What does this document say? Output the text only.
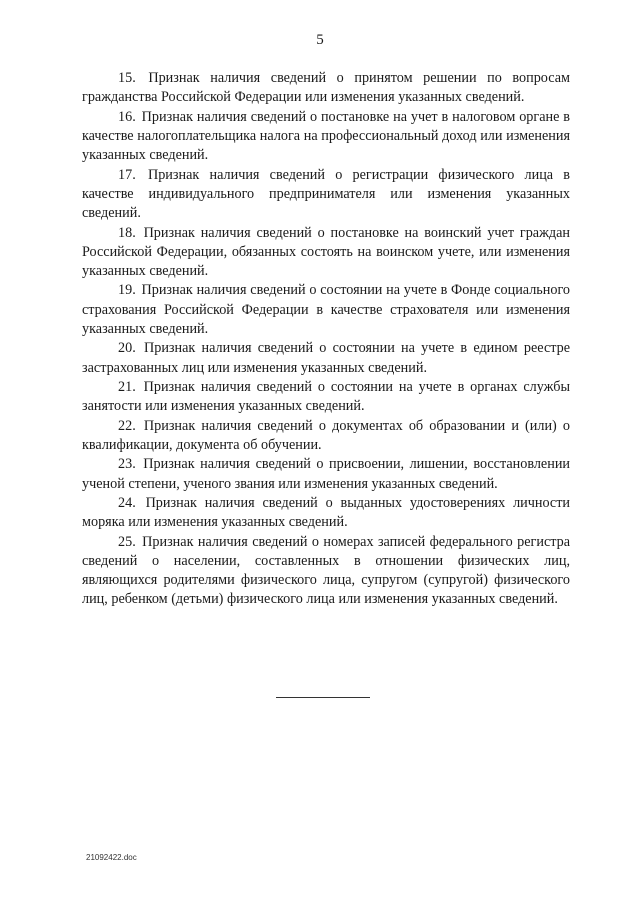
5

15. Признак наличия сведений о принятом решении по вопросам гражданства Российской Федерации или изменения указанных сведений.

16. Признак наличия сведений о постановке на учет в налоговом органе в качестве налогоплательщика налога на профессиональный доход или изменения указанных сведений.

17. Признак наличия сведений о регистрации физического лица в качестве индивидуального предпринимателя или изменения указанных сведений.

18. Признак наличия сведений о постановке на воинский учет граждан Российской Федерации, обязанных состоять на воинском учете, или изменения указанных сведений.

19. Признак наличия сведений о состоянии на учете в Фонде социального страхования Российской Федерации в качестве страхователя или изменения указанных сведений.

20. Признак наличия сведений о состоянии на учете в едином реестре застрахованных лиц или изменения указанных сведений.

21. Признак наличия сведений о состоянии на учете в органах службы занятости или изменения указанных сведений.

22. Признак наличия сведений о документах об образовании и (или) о квалификации, документа об обучении.

23. Признак наличия сведений о присвоении, лишении, восстановлении ученой степени, ученого звания или изменения указанных сведений.

24. Признак наличия сведений о выданных удостоверениях личности моряка или изменения указанных сведений.

25. Признак наличия сведений о номерах записей федерального регистра сведений о населении, составленных в отношении физических лиц, являющихся родителями физического лица, супругом (супругой) физического лиц, ребенком (детьми) физического лица или изменения указанных сведений.

21092422.doc
